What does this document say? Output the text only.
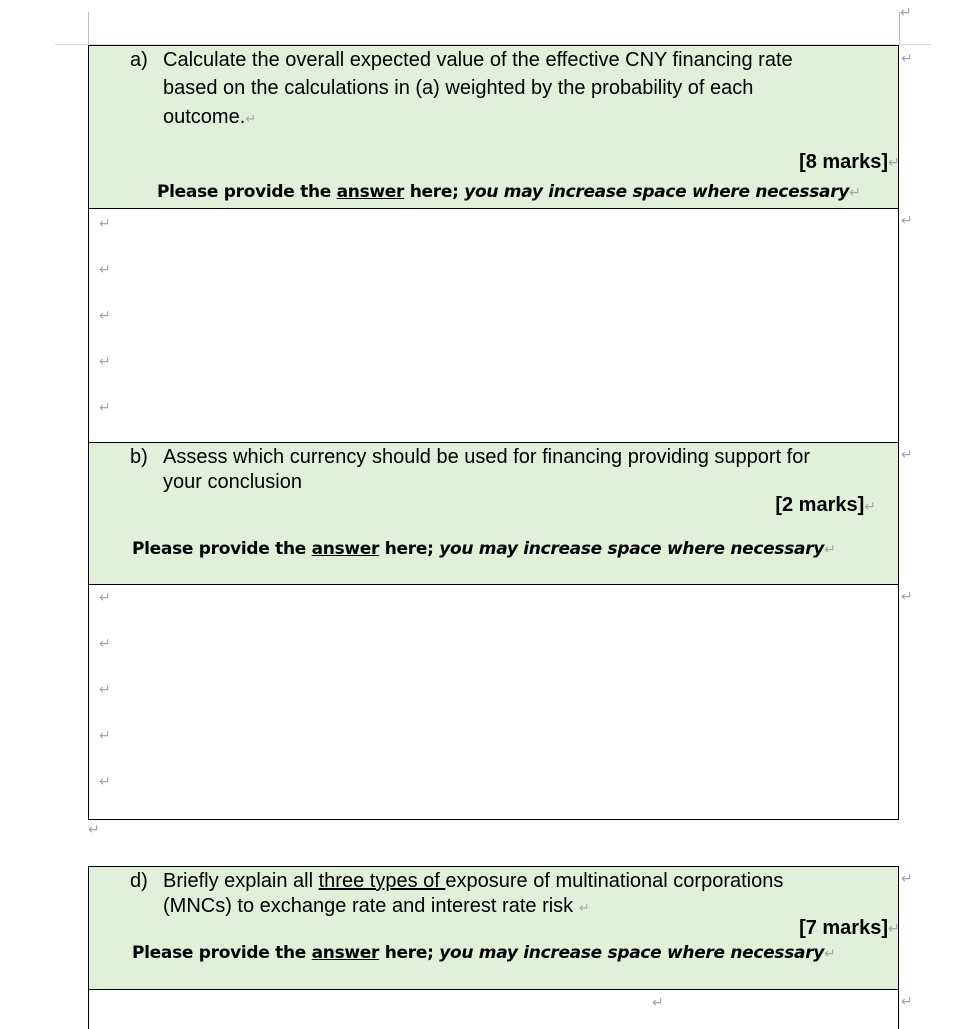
↵
a) Calculate the overall expected value of the effective CNY financing rate
based on the calculations in (a) weighted by the probability of each
outcome.↵
[8 marks]
Please provide the answer here; you may increase space where necessary↵
↵
↵
↵
↵
↵
↵
↵
↵
b) Assess which currency should be used for financing providing support for
your conclusion
[2 marks]↵
Please provide the answer here; you may increase space where necessary↵
↵
↵
↵
↵
↵
↵
↵
↵
d) Briefly explain all three types of exposure of multinational corporations
(MNCs) to exchange rate and interest rate risk ↵
[7 marks]
Please provide the answer here; you may increase space where necessary↵
↵
↵
↵	↵
